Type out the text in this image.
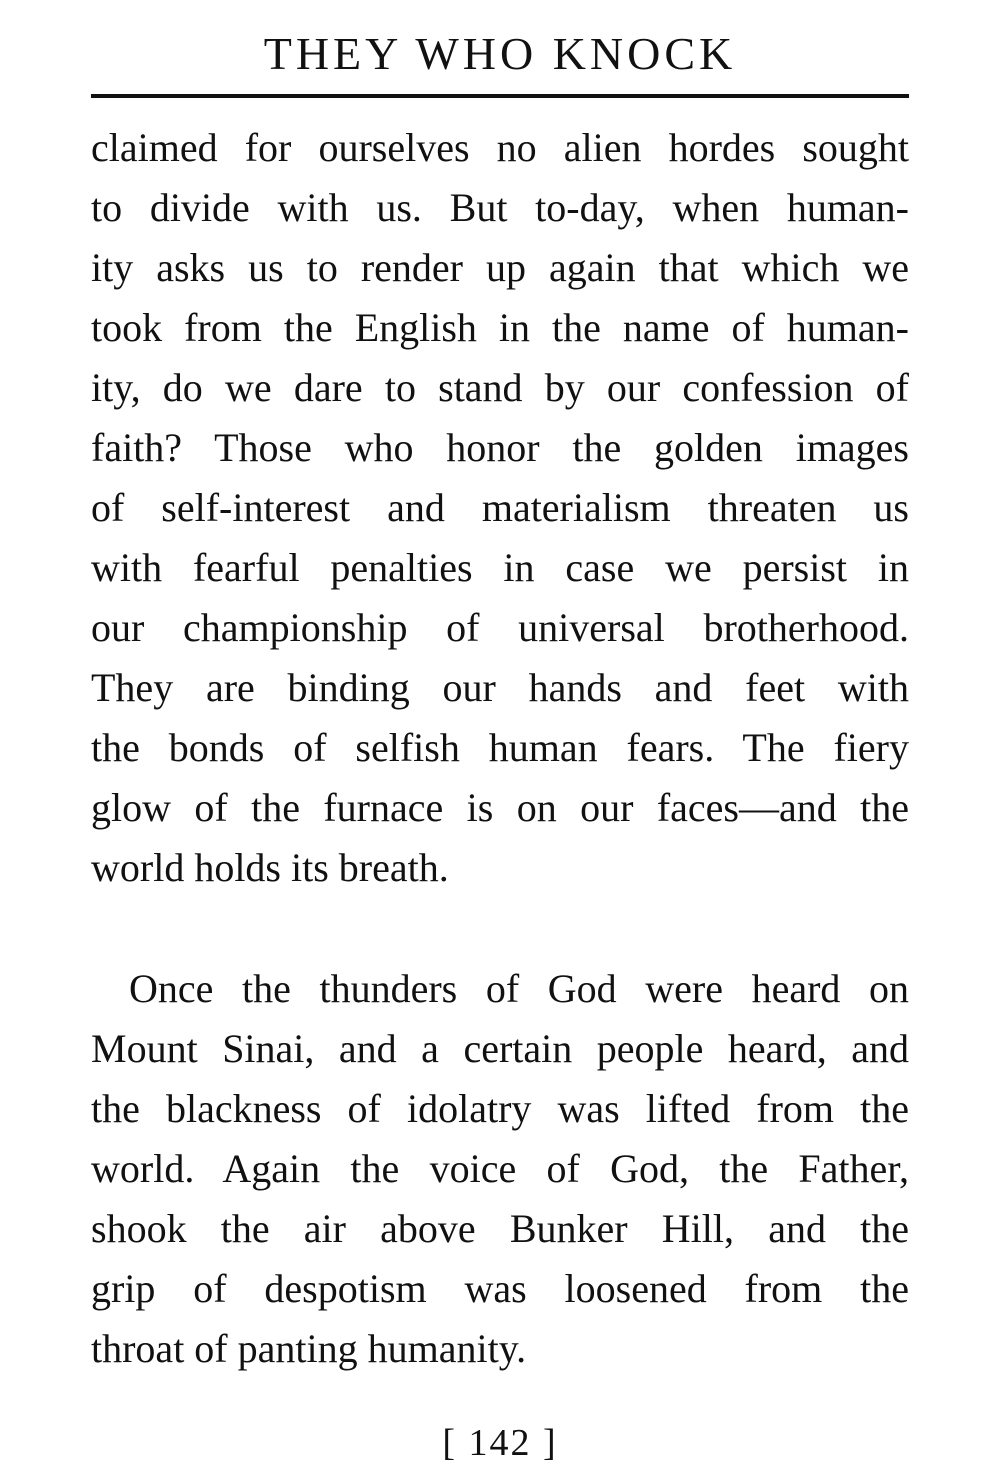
THEY WHO KNOCK
claimed for ourselves no alien hordes sought
to divide with us. But to-day, when human-
ity asks us to render up again that which we
took from the English in the name of human-
ity, do we dare to stand by our confession of
faith? Those who honor the golden images
of self-interest and materialism threaten us
with fearful penalties in case we persist in
our championship of universal brotherhood.
They are binding our hands and feet with
the bonds of selfish human fears. The fiery
glow of the furnace is on our faces—and the
world holds its breath.
Once the thunders of God were heard on
Mount Sinai, and a certain people heard, and
the blackness of idolatry was lifted from the
world. Again the voice of God, the Father,
shook the air above Bunker Hill, and the
grip of despotism was loosened from the
throat of panting humanity.
[ 142 ]
